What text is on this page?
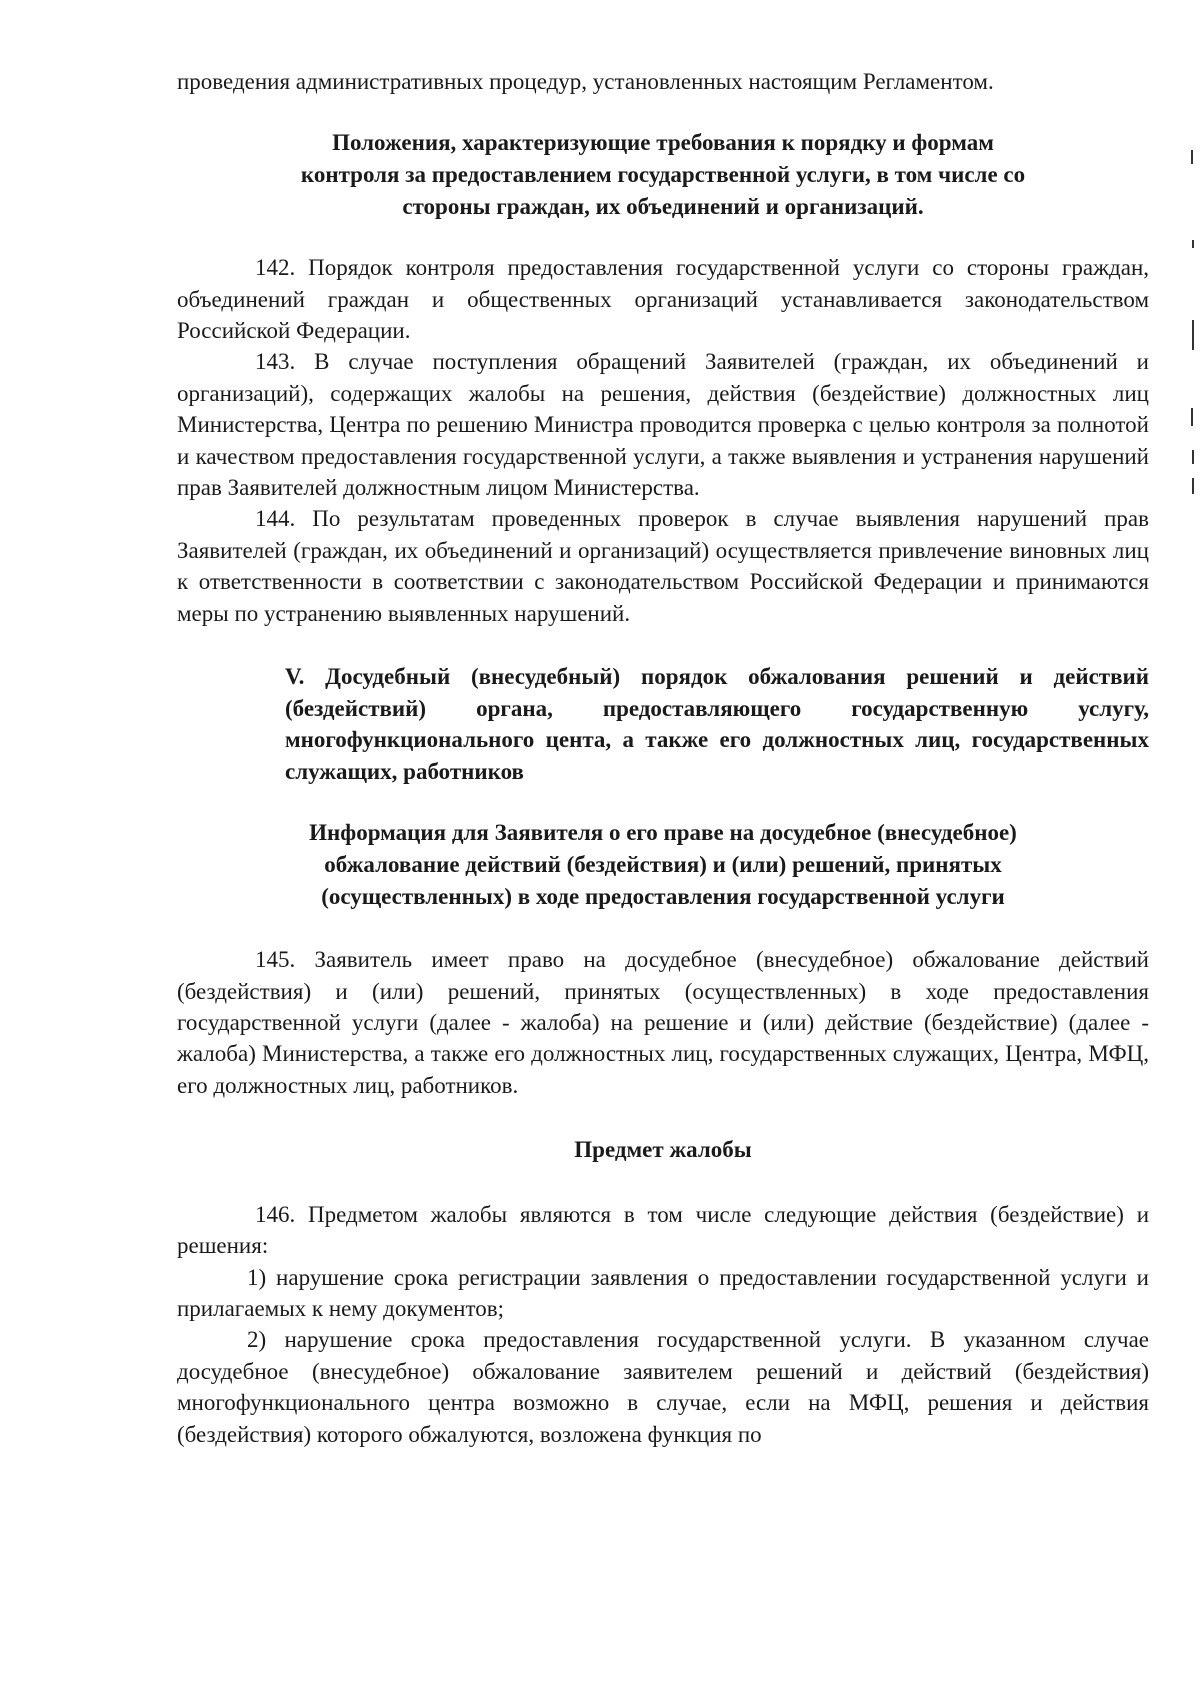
проведения административных процедур, установленных настоящим Регламентом.

Положения, характеризующие требования к порядку и формам контроля за предоставлением государственной услуги, в том числе со стороны граждан, их объединений и организаций.

142. Порядок контроля предоставления государственной услуги со стороны граждан, объединений граждан и общественных организаций устанавливается законодательством Российской Федерации.

143. В случае поступления обращений Заявителей (граждан, их объединений и организаций), содержащих жалобы на решения, действия (бездействие) должностных лиц Министерства, Центра по решению Министра проводится проверка с целью контроля за полнотой и качеством предоставления государственной услуги, а также выявления и устранения нарушений прав Заявителей должностным лицом Министерства.

144. По результатам проведенных проверок в случае выявления нарушений прав Заявителей (граждан, их объединений и организаций) осуществляется привлечение виновных лиц к ответственности в соответствии с законодательством Российской Федерации и принимаются меры по устранению выявленных нарушений.

V. Досудебный (внесудебный) порядок обжалования решений и действий (бездействий) органа, предоставляющего государственную услугу, многофункционального цента, а также его должностных лиц, государственных служащих, работников
Информация для Заявителя о его праве на досудебное (внесудебное) обжалование действий (бездействия) и (или) решений, принятых (осуществленных) в ходе предоставления государственной услуги

145. Заявитель имеет право на досудебное (внесудебное) обжалование действий (бездействия) и (или) решений, принятых (осуществленных) в ходе предоставления государственной услуги (далее - жалоба) на решение и (или) действие (бездействие) (далее - жалоба) Министерства, а также его должностных лиц, государственных служащих, Центра, МФЦ, его должностных лиц, работников.

Предмет жалобы

146. Предметом жалобы являются в том числе следующие действия (бездействие) и решения:

1) нарушение срока регистрации заявления о предоставлении государственной услуги и прилагаемых к нему документов;

2) нарушение срока предоставления государственной услуги. В указанном случае досудебное (внесудебное) обжалование заявителем решений и действий (бездействия) многофункционального центра возможно в случае, если на МФЦ, решения и действия (бездействия) которого обжалуются, возложена функция по
